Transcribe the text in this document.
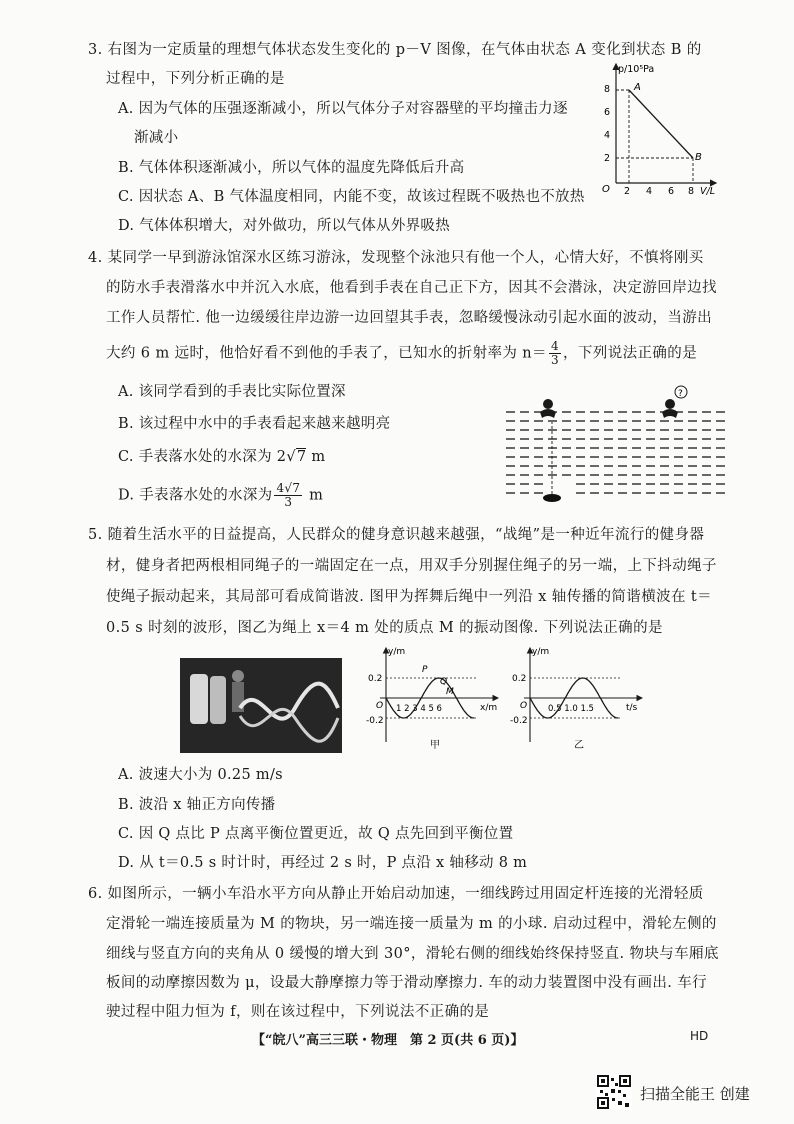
3. 右图为一定质量的理想气体状态发生变化的 p－V 图像，在气体由状态 A 变化到状态 B 的
过程中，下列分析正确的是
A. 因为气体的压强逐渐减小，所以气体分子对容器壁的平均撞击力逐
渐减小
B. 气体体积逐渐减小，所以气体的温度先降低后升高
C. 因状态 A、B 气体温度相同，内能不变，故该过程既不吸热也不放热
D. 气体体积增大，对外做功，所以气体从外界吸热
p/10⁵Pa
V/L
O
2
4
6
8
2 4 6 8
A
B
4. 某同学一早到游泳馆深水区练习游泳，发现整个泳池只有他一个人，心情大好，不慎将刚买
的防水手表滑落水中并沉入水底，他看到手表在自己正下方，因其不会潜泳，决定游回岸边找
工作人员帮忙. 他一边缓缓往岸边游一边回望其手表，忽略缓慢泳动引起水面的波动，当游出
大约 6 m 远时，他恰好看不到他的手表了，已知水的折射率为 $n= \frac{4}{3}$ ，下列说法正确的是
A. 该同学看到的手表比实际位置深
B. 该过程中水中的手表看起来越来越明亮
C. 手表落水处的水深为 2√7 m
D. 手表落水处的水深为 $\frac{4√7}{3}$ m
?
5. 随着生活水平的日益提高，人民群众的健身意识越来越强，“战绳”是一种近年流行的健身器
材，健身者把两根相同绳子的一端固定在一点，用双手分别握住绳子的另一端，上下抖动绳子
使绳子振动起来，其局部可看成简谐波. 图甲为挥舞后绳中一列沿 x 轴传播的简谐横波在 t＝
0.5 s 时刻的波形，图乙为绳上 x＝4 m 处的质点 M 的振动图像. 下列说法正确的是
y/m
x/m
0.2
-0.2
O 1 2 3 4 5 6
P
Q
M
甲
y/m
t/s
0.2
-0.2
O 0.5 1.0 1.5
乙
A. 波速大小为 0.25 m/s
B. 波沿 x 轴正方向传播
C. 因 Q 点比 P 点离平衡位置更近，故 Q 点先回到平衡位置
D. 从 t＝0.5 s 时计时，再经过 2 s 时，P 点沿 x 轴移动 8 m
6. 如图所示，一辆小车沿水平方向从静止开始启动加速，一细线跨过用固定杆连接的光滑轻质
定滑轮一端连接质量为 M 的物块，另一端连接一质量为 m 的小球. 启动过程中，滑轮左侧的
细线与竖直方向的夹角从 0 缓慢的增大到 30°，滑轮右侧的细线始终保持竖直. 物块与车厢底
板间的动摩擦因数为 μ，设最大静摩擦力等于滑动摩擦力. 车的动力装置图中没有画出. 车行
驶过程中阻力恒为 f，则在该过程中，下列说法不正确的是
【“皖八”高三三联・物理　第 2 页(共 6 页)】	HD
扫描全能王 创建
